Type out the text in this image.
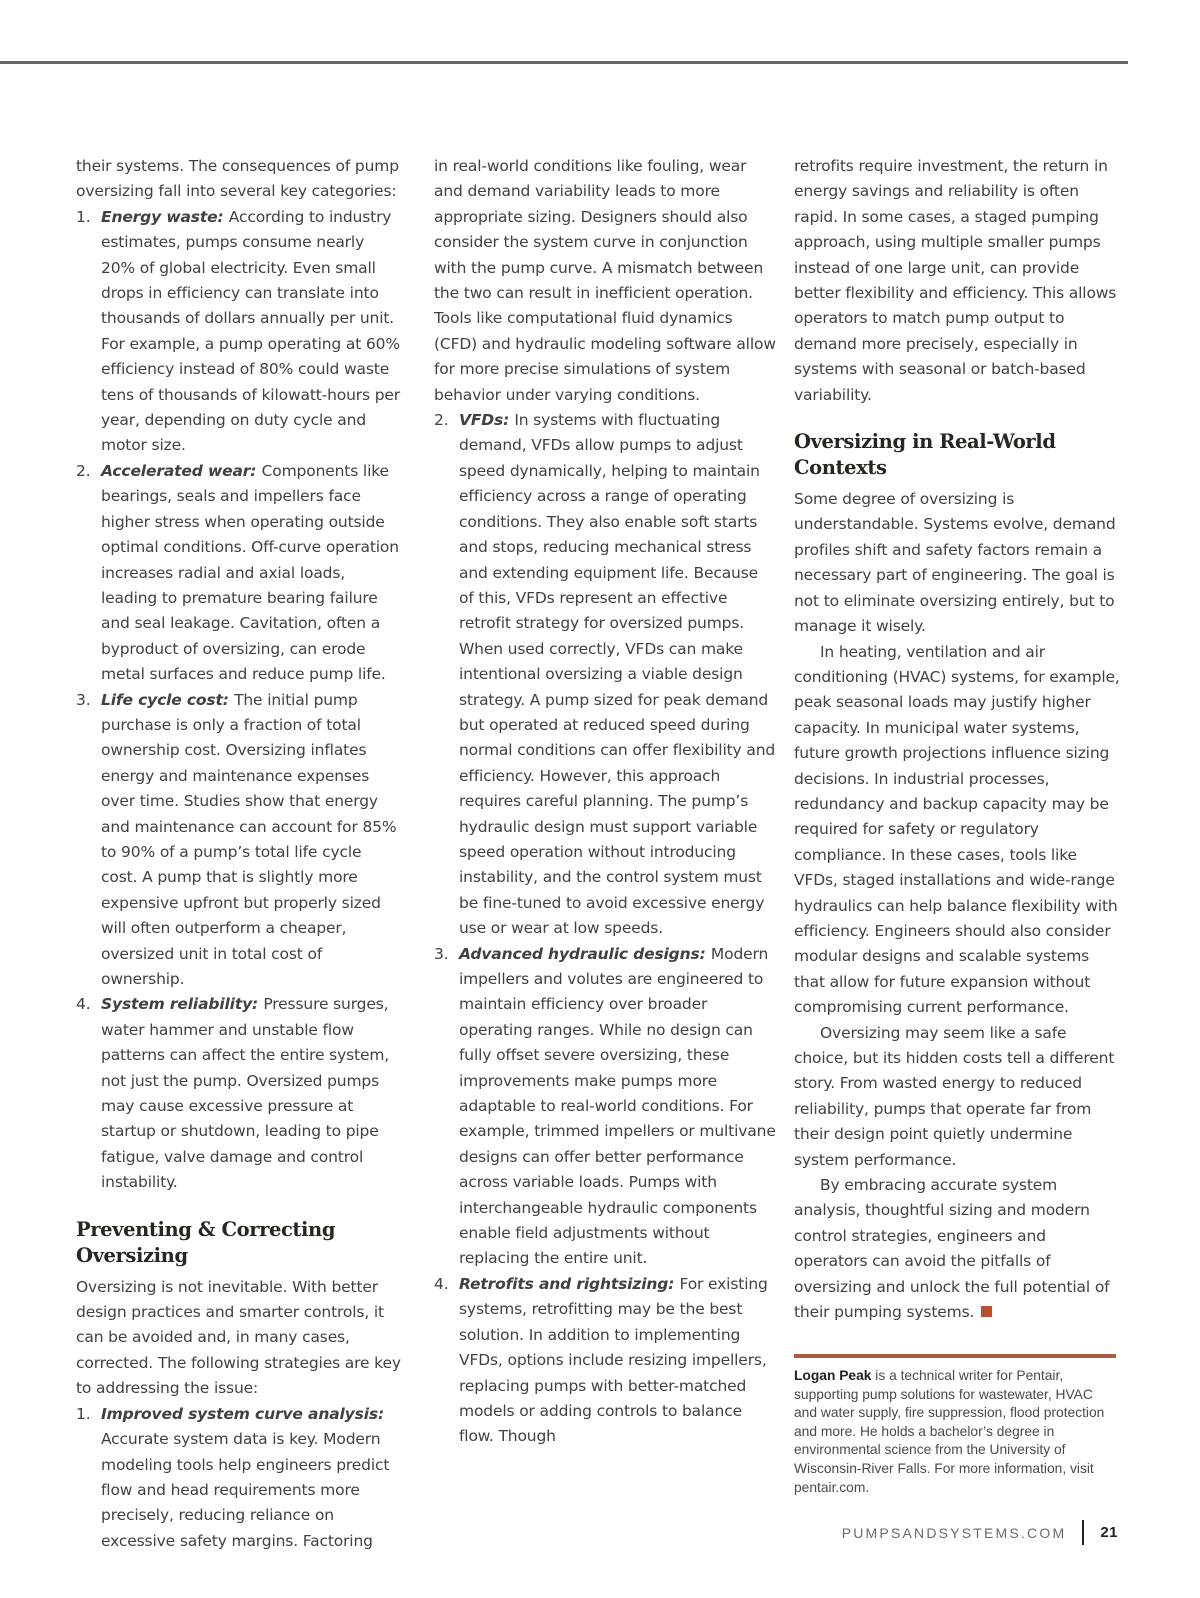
their systems. The consequences of pump oversizing fall into several key categories:

1. Energy waste: According to industry estimates, pumps consume nearly 20% of global electricity. Even small drops in efficiency can translate into thousands of dollars annually per unit. For example, a pump operating at 60% efficiency instead of 80% could waste tens of thousands of kilowatt-hours per year, depending on duty cycle and motor size.
2. Accelerated wear: Components like bearings, seals and impellers face higher stress when operating outside optimal conditions. Off-curve operation increases radial and axial loads, leading to premature bearing failure and seal leakage. Cavitation, often a byproduct of oversizing, can erode metal surfaces and reduce pump life.
3. Life cycle cost: The initial pump purchase is only a fraction of total ownership cost. Oversizing inflates energy and maintenance expenses over time. Studies show that energy and maintenance can account for 85% to 90% of a pump’s total life cycle cost. A pump that is slightly more expensive upfront but properly sized will often outperform a cheaper, oversized unit in total cost of ownership.
4. System reliability: Pressure surges, water hammer and unstable flow patterns can affect the entire system, not just the pump. Oversized pumps may cause excessive pressure at startup or shutdown, leading to pipe fatigue, valve damage and control instability.
Preventing & Correcting Oversizing

Oversizing is not inevitable. With better design practices and smarter controls, it can be avoided and, in many cases, corrected. The following strategies are key to addressing the issue:

1. Improved system curve analysis: Accurate system data is key. Modern modeling tools help engineers predict flow and head requirements more precisely, reducing reliance on excessive safety margins. Factoring

in real-world conditions like fouling, wear and demand variability leads to more appropriate sizing. Designers should also consider the system curve in conjunction with the pump curve. A mismatch between the two can result in inefficient operation. Tools like computational fluid dynamics (CFD) and hydraulic modeling software allow for more precise simulations of system behavior under varying conditions.

2. VFDs: In systems with fluctuating demand, VFDs allow pumps to adjust speed dynamically, helping to maintain efficiency across a range of operating conditions. They also enable soft starts and stops, reducing mechanical stress and extending equipment life. Because of this, VFDs represent an effective retrofit strategy for oversized pumps. When used correctly, VFDs can make intentional oversizing a viable design strategy. A pump sized for peak demand but operated at reduced speed during normal conditions can offer flexibility and efficiency. However, this approach requires careful planning. The pump’s hydraulic design must support variable speed operation without introducing instability, and the control system must be fine-tuned to avoid excessive energy use or wear at low speeds.
3. Advanced hydraulic designs: Modern impellers and volutes are engineered to maintain efficiency over broader operating ranges. While no design can fully offset severe oversizing, these improvements make pumps more adaptable to real-world conditions. For example, trimmed impellers or multivane designs can offer better performance across variable loads. Pumps with interchangeable hydraulic components enable field adjustments without replacing the entire unit.
4. Retrofits and rightsizing: For existing systems, retrofitting may be the best solution. In addition to implementing VFDs, options include resizing impellers, replacing pumps with better-matched models or adding controls to balance flow. Though

retrofits require investment, the return in energy savings and reliability is often rapid. In some cases, a staged pumping approach, using multiple smaller pumps instead of one large unit, can provide better flexibility and efficiency. This allows operators to match pump output to demand more precisely, especially in systems with seasonal or batch-based variability.

Oversizing in Real-World Contexts

Some degree of oversizing is understandable. Systems evolve, demand profiles shift and safety factors remain a necessary part of engineering. The goal is not to eliminate oversizing entirely, but to manage it wisely.

In heating, ventilation and air conditioning (HVAC) systems, for example, peak seasonal loads may justify higher capacity. In municipal water systems, future growth projections influence sizing decisions. In industrial processes, redundancy and backup capacity may be required for safety or regulatory compliance. In these cases, tools like VFDs, staged installations and wide-range hydraulics can help balance flexibility with efficiency. Engineers should also consider modular designs and scalable systems that allow for future expansion without compromising current performance.

Oversizing may seem like a safe choice, but its hidden costs tell a different story. From wasted energy to reduced reliability, pumps that operate far from their design point quietly undermine system performance.

By embracing accurate system analysis, thoughtful sizing and modern control strategies, engineers and operators can avoid the pitfalls of oversizing and unlock the full potential of their pumping systems.

Logan Peak is a technical writer for Pentair, supporting pump solutions for wastewater, HVAC and water supply, fire suppression, flood protection and more. He holds a bachelor’s degree in environmental science from the University of Wisconsin-River Falls. For more information, visit pentair.com.

PUMPSANDSYSTEMS.COM 21
